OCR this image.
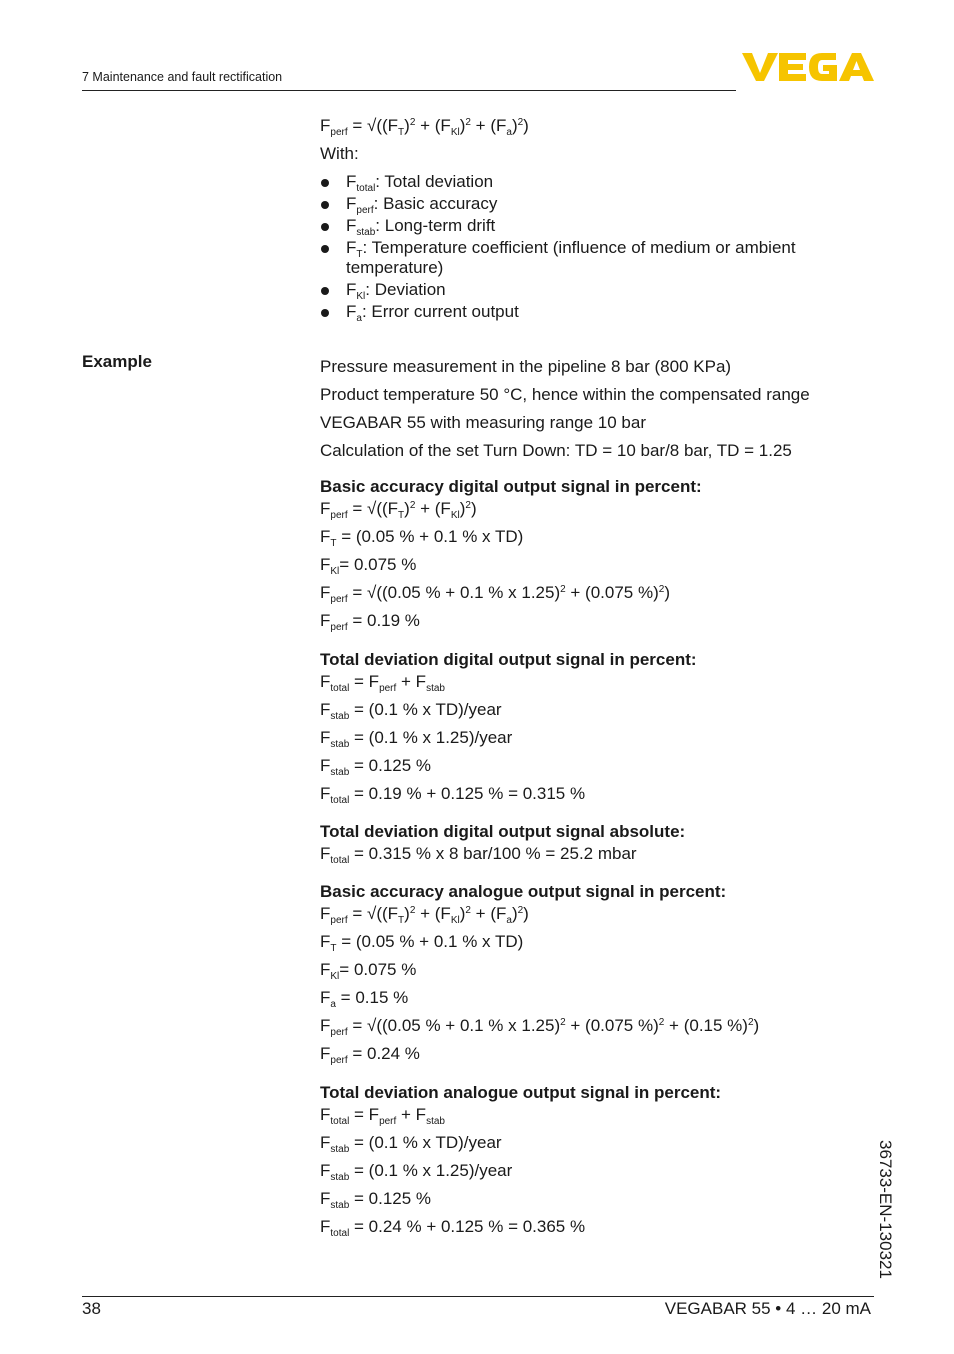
7 Maintenance and fault rectification

$F_{perf} = √((F_T)^2 + (F_{Kl})^2 + (F_a)^2)$

With:

$F_{total}$: Total deviation
$F_{perf}$: Basic accuracy
$F_{stab}$: Long-term drift
$F_T$: Temperature coefficient (influence of medium or ambient
temperature)
$F_{Kl}$: Deviation
$F_a$: Error current output
Example	Pressure measurement in the pipeline 8 bar (800 KPa)

Product temperature 50 °C, hence within the compensated range

VEGABAR 55 with measuring range 10 bar

Calculation of the set Turn Down: TD = 10 bar/8 bar, TD = 1.25

Basic accuracy digital output signal in percent:

$F_{perf} = √((F_T)^2 + (F_{Kl})^2)$

$F_T = (0.05$ % + 0.1 % x TD)

$F_{Kl}= 0.075$ %

$F_{perf} = √((0.05$ % + 0.1 % x 1.25)$^2$ + (0.075 %)$^2$)

$F_{perf} = 0.19$ %

Total deviation digital output signal in percent:

$F_{total} = F_{perf} + F_{stab}$

$F_{stab} = (0.1$ % x TD)/year

$F_{stab} = (0.1$ % x 1.25)/year

$F_{stab} = 0.125$ %

$F_{total} = 0.19$ % + 0.125 % = 0.315 %

Total deviation digital output signal absolute:

$F_{total} = 0.315$ % x 8 bar/100 % = 25.2 mbar

Basic accuracy analogue output signal in percent:

$F_{perf} = √((F_T)^2 + (F_{Kl})^2 + (F_a)^2)$

$F_T = (0.05$ % + 0.1 % x TD)

$F_{Kl}= 0.075$ %

$F_a = 0.15$ %

$F_{perf} = √((0.05$ % + 0.1 % x 1.25)$^2$ + (0.075 %)$^2$ + (0.15 %)$^2$)

$F_{perf} = 0.24$ %

Total deviation analogue output signal in percent:

$F_{total} = F_{perf} + F_{stab}$

$F_{stab} = (0.1$ % x TD)/year

$F_{stab} = (0.1$ % x 1.25)/year

$F_{stab} = 0.125$ %

$F_{total} = 0.24$ % + 0.125 % = 0.365 %	36733-EN-130321
38	VEGABAR 55 • 4 … 20 mA
